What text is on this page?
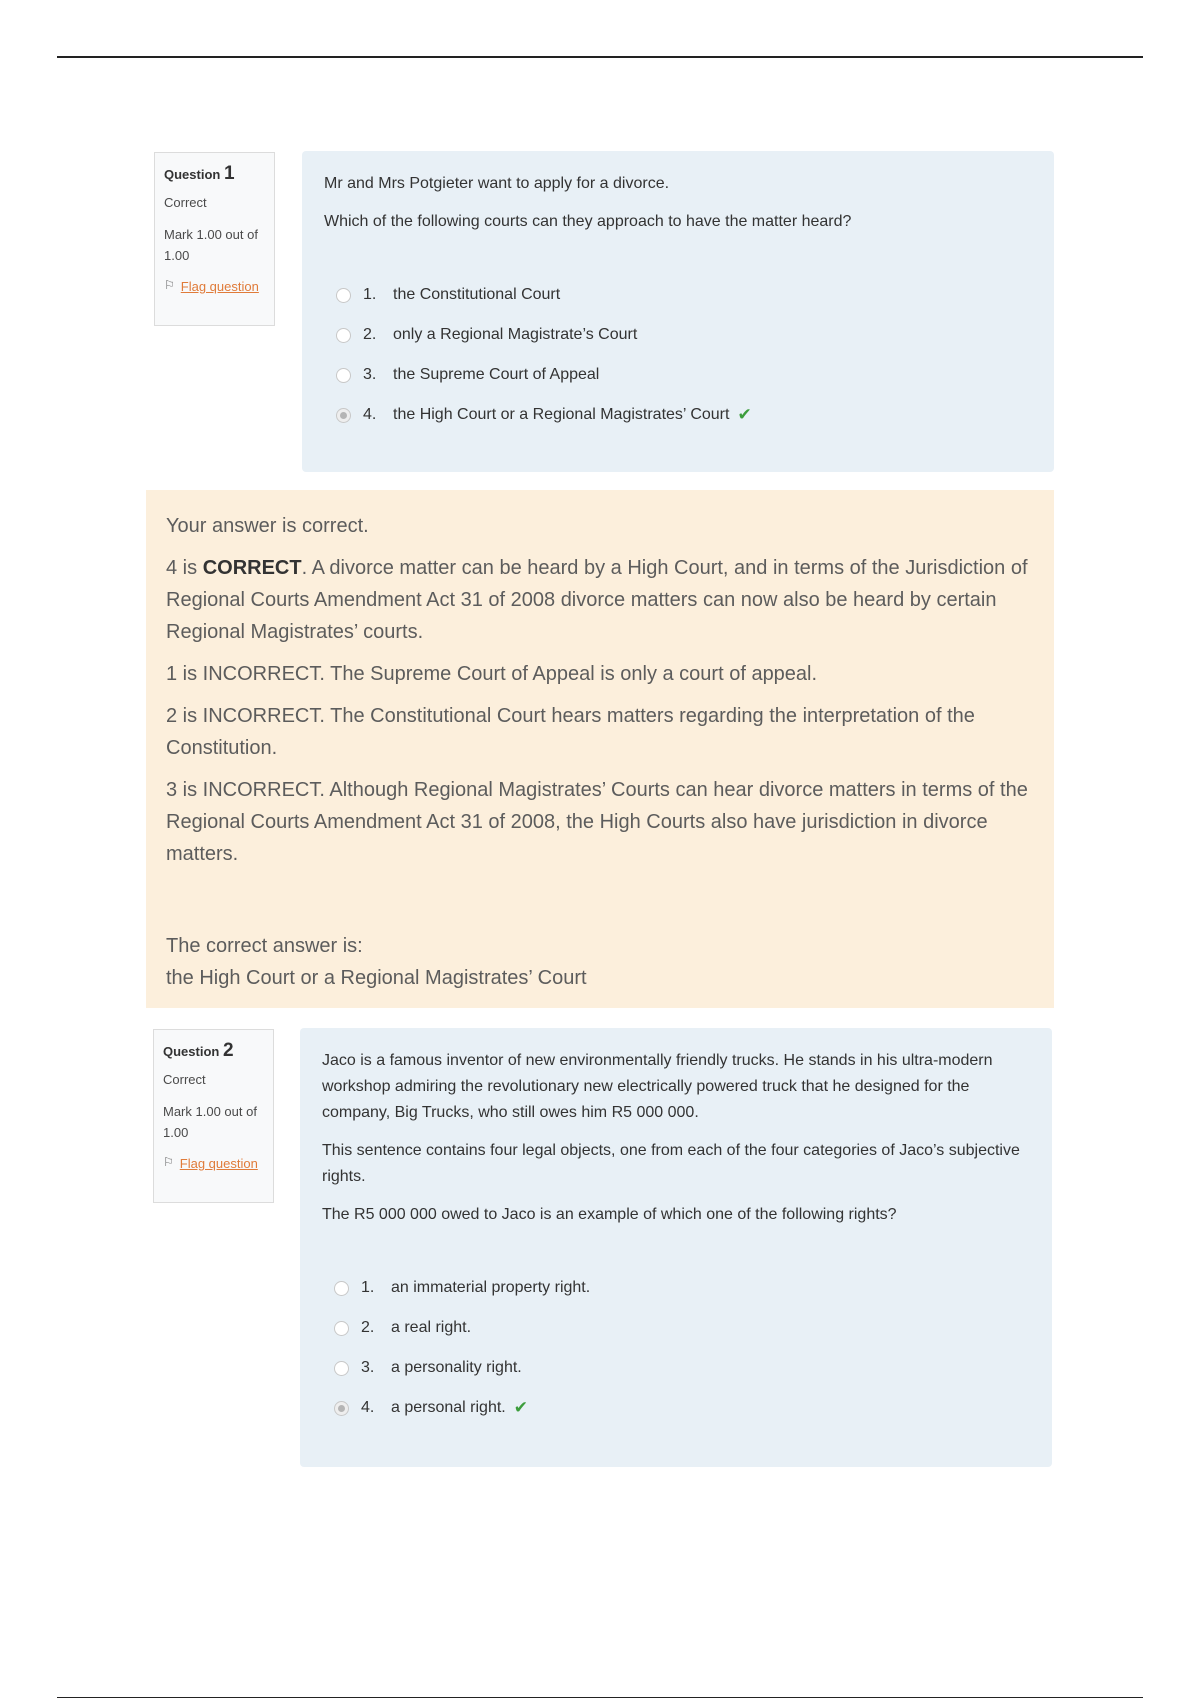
Question 1
Correct
Mark 1.00 out of 1.00
⚐ Flag question

Mr and Mrs Potgieter want to apply for a divorce.

Which of the following courts can they approach to have the matter heard?

1.	the Constitutional Court
2.	only a Regional Magistrate’s Court
3.	the Supreme Court of Appeal
4.	the High Court or a Regional Magistrates’ Court ✔

Your answer is correct.

4 is CORRECT. A divorce matter can be heard by a High Court, and in terms of the Jurisdiction of Regional Courts Amendment Act 31 of 2008 divorce matters can now also be heard by certain Regional Magistrates’ courts.

1 is INCORRECT. The Supreme Court of Appeal is only a court of appeal.

2 is INCORRECT. The Constitutional Court hears matters regarding the interpretation of the Constitution.

3 is INCORRECT. Although Regional Magistrates’ Courts can hear divorce matters in terms of the Regional Courts Amendment Act 31 of 2008, the High Courts also have jurisdiction in divorce matters.

The correct answer is:
the High Court or a Regional Magistrates’ Court
Question 2
Correct
Mark 1.00 out of 1.00
⚐ Flag question

Jaco is a famous inventor of new environmentally friendly trucks. He stands in his ultra-modern workshop admiring the revolutionary new electrically powered truck that he designed for the company, Big Trucks, who still owes him R5 000 000.

This sentence contains four legal objects, one from each of the four categories of Jaco’s subjective rights.

The R5 000 000 owed to Jaco is an example of which one of the following rights?

1.	an immaterial property right.
2.	a real right.
3.	a personality right.
4.	a personal right. ✔
